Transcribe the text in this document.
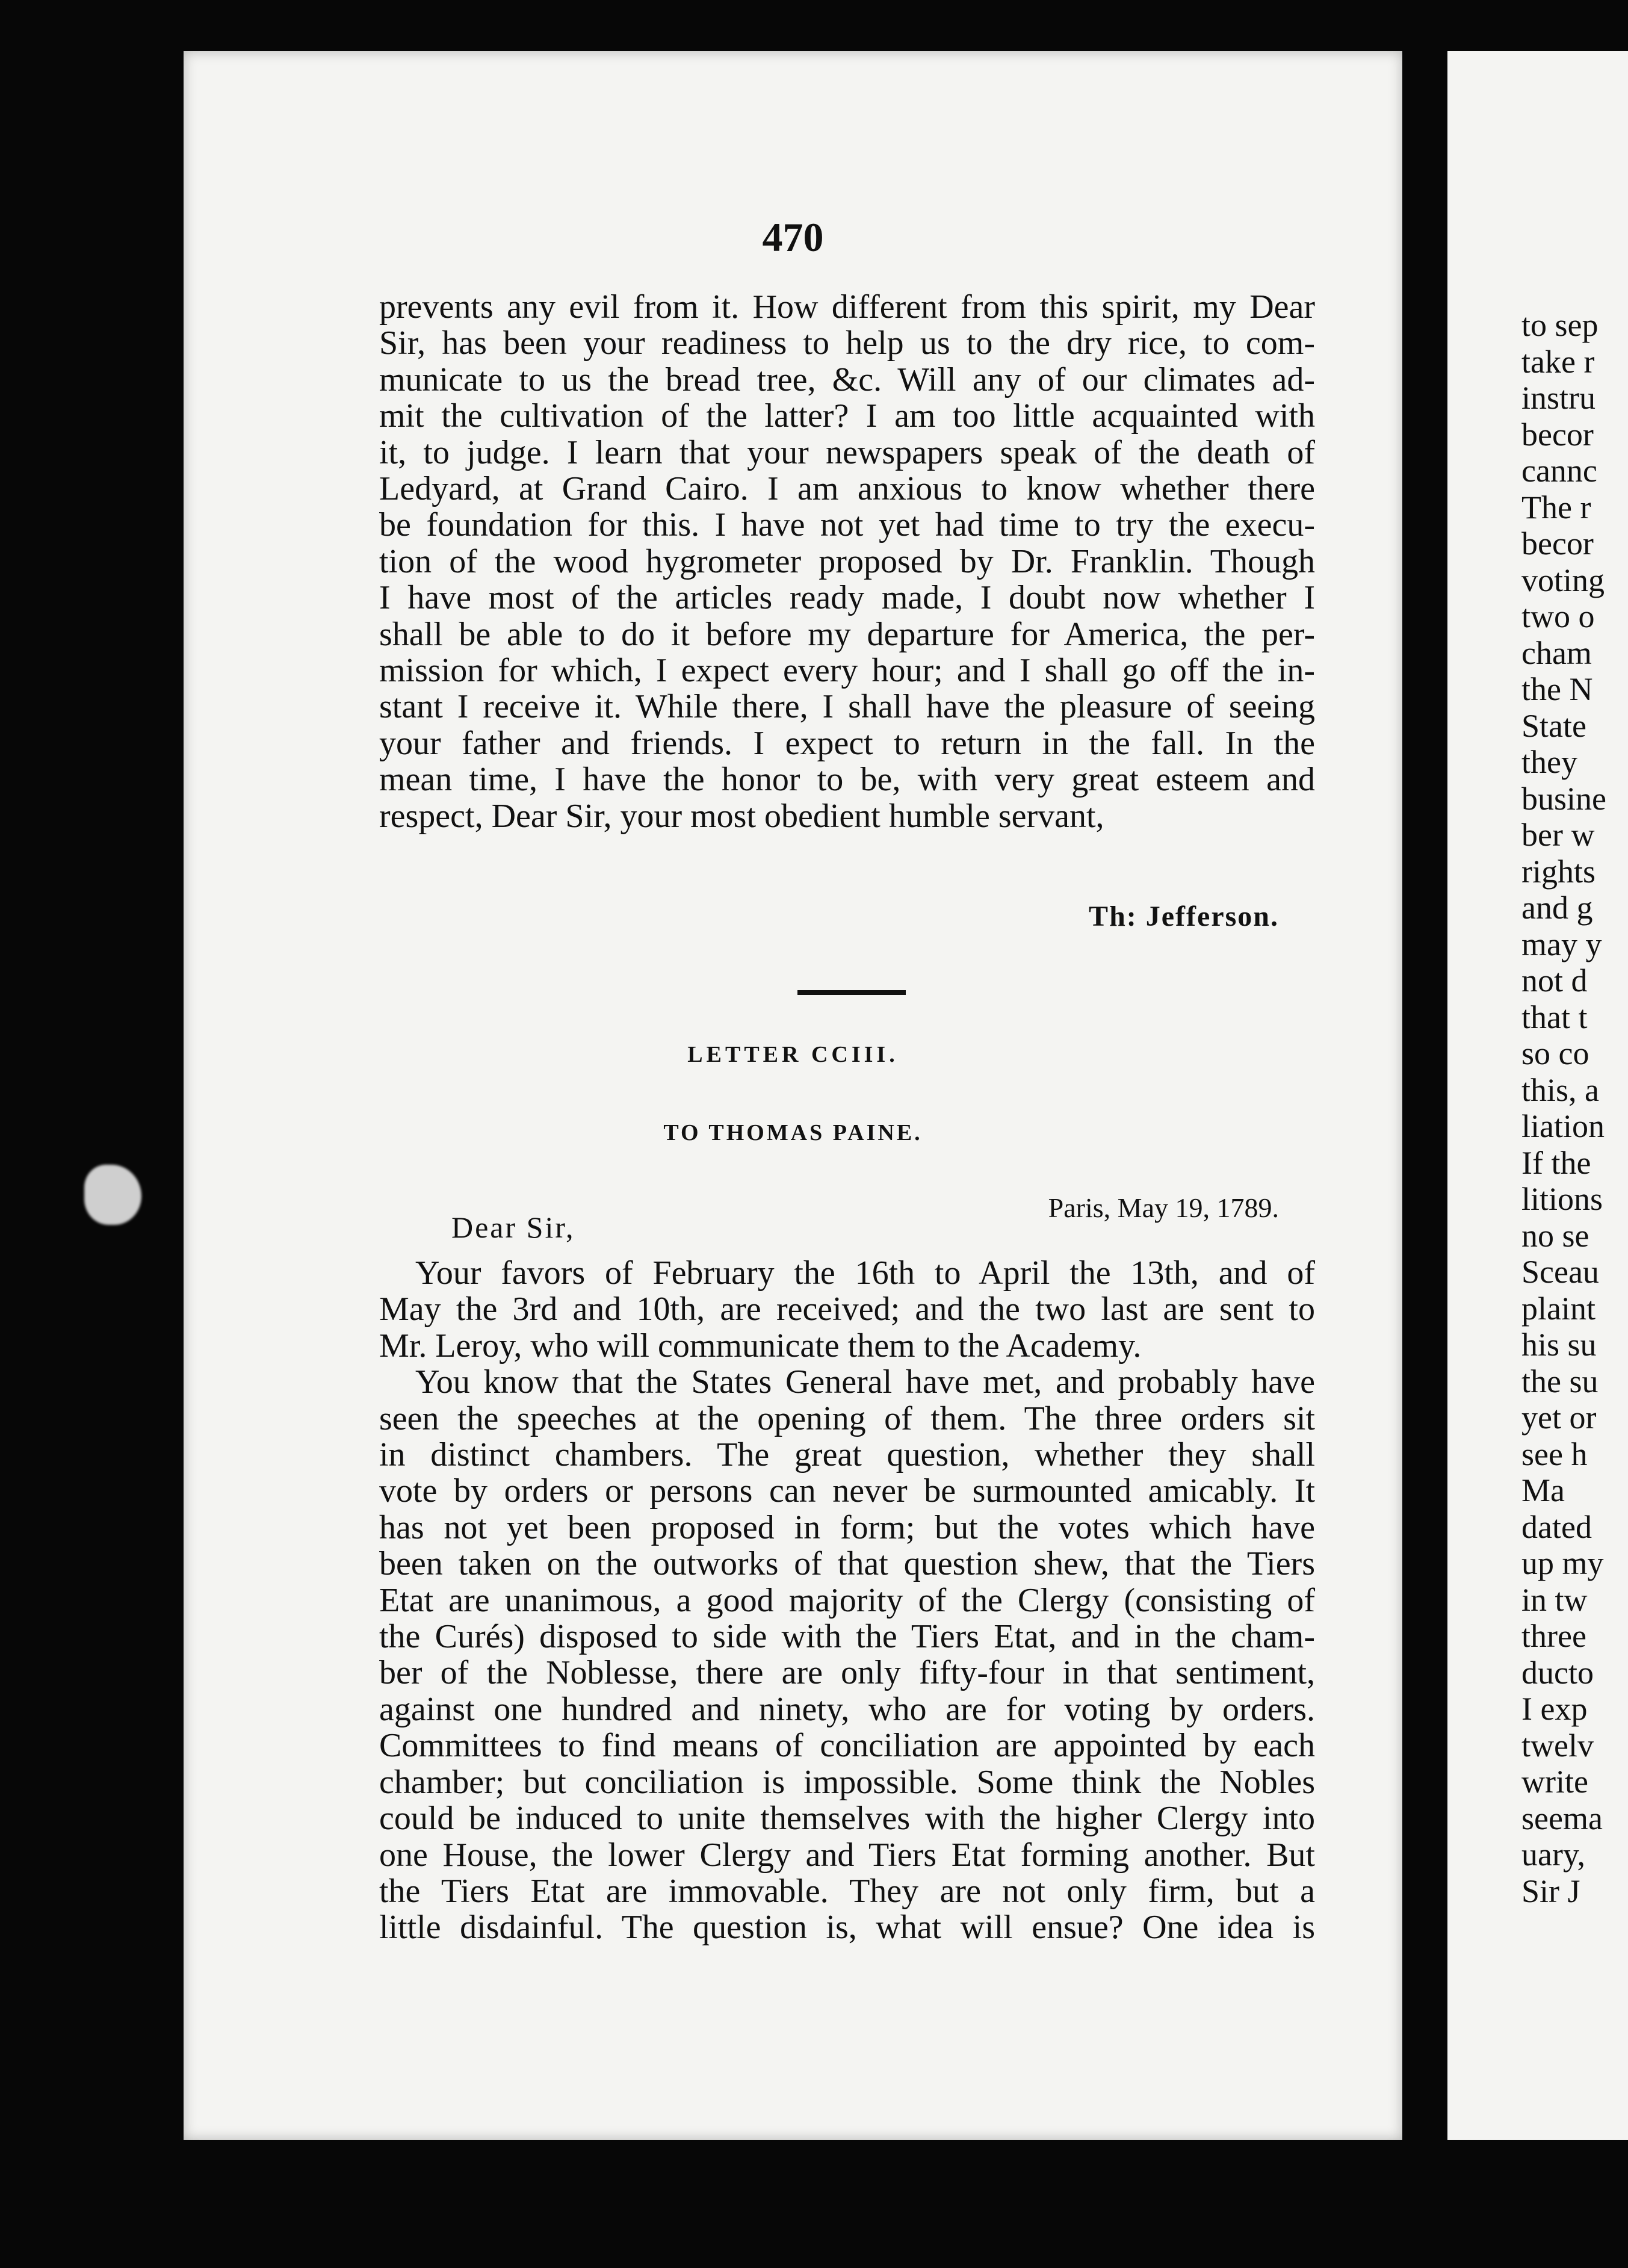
470

prevents any evil from it. How different from this spirit, my Dear
Sir, has been your readiness to help us to the dry rice, to com-
municate to us the bread tree, &c. Will any of our climates ad-
mit the cultivation of the latter? I am too little acquainted with
it, to judge. I learn that your newspapers speak of the death of
Ledyard, at Grand Cairo. I am anxious to know whether there
be foundation for this. I have not yet had time to try the execu-
tion of the wood hygrometer proposed by Dr. Franklin. Though
I have most of the articles ready made, I doubt now whether I
shall be able to do it before my departure for America, the per-
mission for which, I expect every hour; and I shall go off the in-
stant I receive it. While there, I shall have the pleasure of seeing
your father and friends. I expect to return in the fall. In the
mean time, I have the honor to be, with very great esteem and
respect, Dear Sir, your most obedient humble servant,

Th: Jefferson.
LETTER CCIII.
TO THOMAS PAINE.
Paris, May 19, 1789.
Dear Sir,

Your favors of February the 16th to April the 13th, and of
May the 3rd and 10th, are received; and the two last are sent to
Mr. Leroy, who will communicate them to the Academy.
You know that the States General have met, and probably have
seen the speeches at the opening of them. The three orders sit
in distinct chambers. The great question, whether they shall
vote by orders or persons can never be surmounted amicably. It
has not yet been proposed in form; but the votes which have
been taken on the outworks of that question shew, that the Tiers
Etat are unanimous, a good majority of the Clergy (consisting of
the Curés) disposed to side with the Tiers Etat, and in the cham-
ber of the Noblesse, there are only fifty-four in that sentiment,
against one hundred and ninety, who are for voting by orders.
Committees to find means of conciliation are appointed by each
chamber; but conciliation is impossible. Some think the Nobles
could be induced to unite themselves with the higher Clergy into
one House, the lower Clergy and Tiers Etat forming another. But
the Tiers Etat are immovable. They are not only firm, but a
little disdainful. The question is, what will ensue? One idea is

to sep
take r
instru
becor
cannc
The r
becor
voting
two o
cham
the N
State
they
busine
ber w
rights
and g
may y
not d
that t
so co
this, a
liation
If the
litions
no se
Sceau
plaint
his su
the su
yet or
see h
Ma
dated
up my
in tw
three
ducto
I exp
twelv
write
seema
uary,
Sir J
